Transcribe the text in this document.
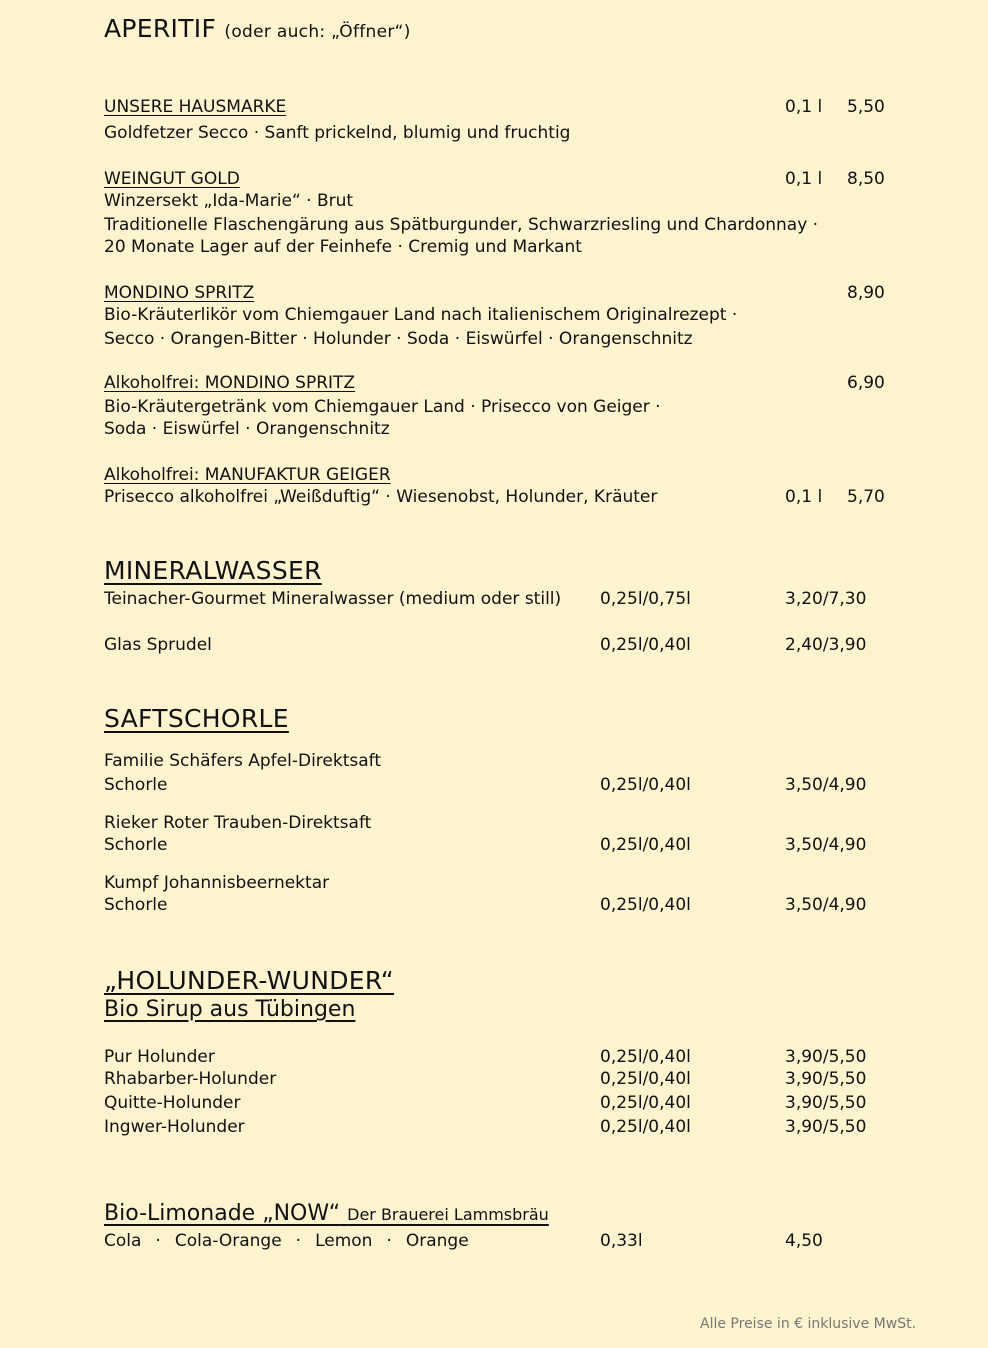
APERITIF (oder auch: „Öffner“)
UNSERE HAUSMARKE	0,1 l 5,50
Goldfetzer Secco · Sanft prickelnd, blumig und fruchtig
WEINGUT GOLD	0,1 l 8,50
Winzersekt „Ida-Marie“ · Brut
Traditionelle Flaschengärung aus Spätburgunder, Schwarzriesling und Chardonnay ·
20 Monate Lager auf der Feinhefe · Cremig und Markant
MONDINO SPRITZ	8,90
Bio-Kräuterlikör vom Chiemgauer Land nach italienischem Originalrezept ·
Secco · Orangen-Bitter · Holunder · Soda · Eiswürfel · Orangenschnitz
Alkoholfrei: MONDINO SPRITZ	6,90
Bio-Kräutergetränk vom Chiemgauer Land · Prisecco von Geiger ·
Soda · Eiswürfel · Orangenschnitz
Alkoholfrei: MANUFAKTUR GEIGER
Prisecco alkoholfrei „Weißduftig“ · Wiesenobst, Holunder, Kräuter	0,1 l 5,70
MINERALWASSER
Teinacher-Gourmet Mineralwasser (medium oder still) 0,25l/0,75l	3,20/7,30
Glas Sprudel	0,25l/0,40l	2,40/3,90
SAFTSCHORLE
Familie Schäfers Apfel-Direktsaft
Schorle	0,25l/0,40l	3,50/4,90
Rieker Roter Trauben-Direktsaft
Schorle	0,25l/0,40l	3,50/4,90
Kumpf Johannisbeernektar
Schorle	0,25l/0,40l	3,50/4,90
„HOLUNDER-WUNDER“
Bio Sirup aus Tübingen
Pur Holunder	0,25l/0,40l	3,90/5,50
Rhabarber-Holunder	0,25l/0,40l	3,90/5,50
Quitte-Holunder	0,25l/0,40l	3,90/5,50
Ingwer-Holunder	0,25l/0,40l	3,90/5,50
Bio-Limonade „NOW“ Der Brauerei Lammsbräu
Cola · Cola-Orange · Lemon · Orange	0,33l	4,50
Alle Preise in € inklusive MwSt.
